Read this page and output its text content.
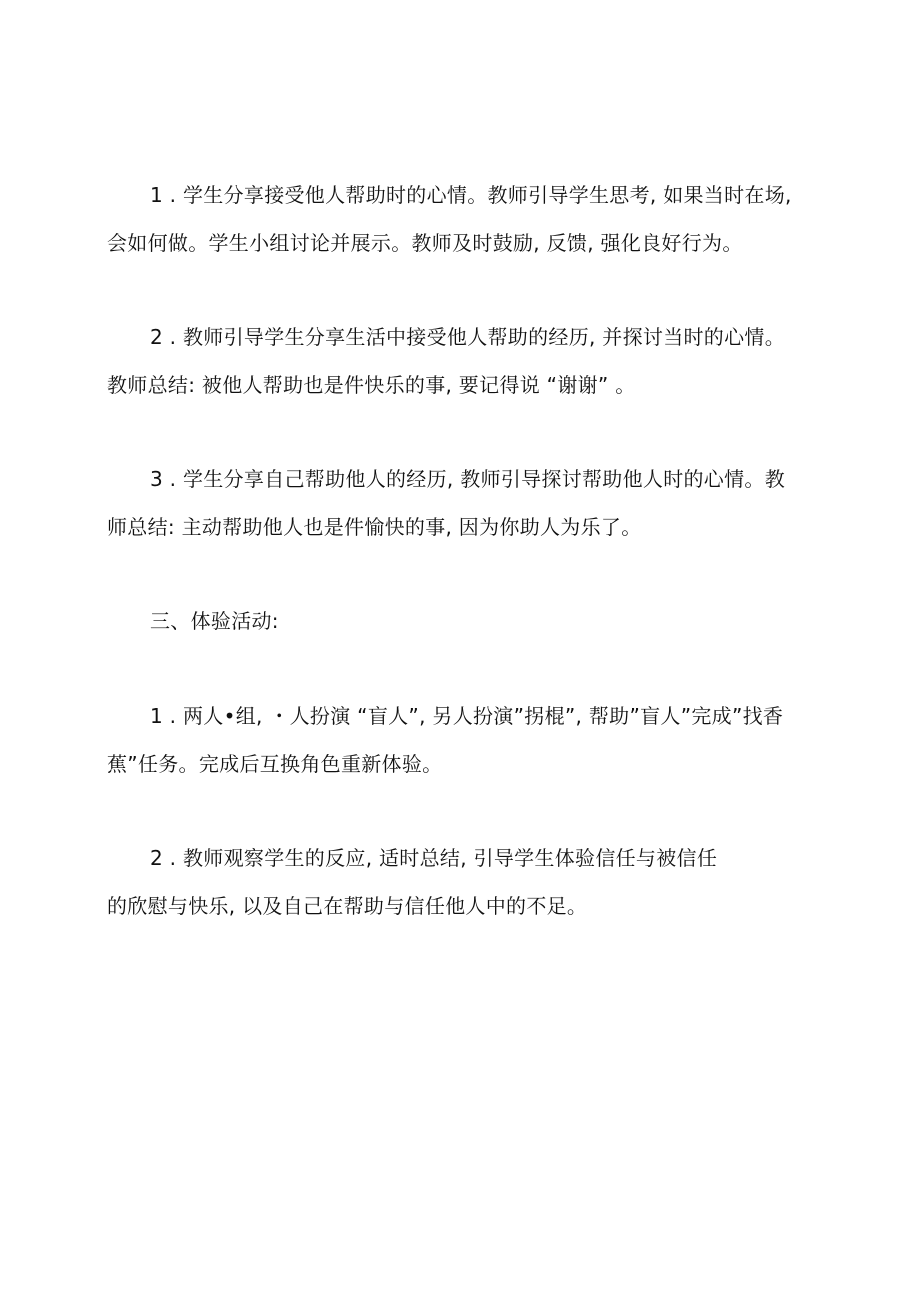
1 . 学生分享接受他人帮助时的心情。教师引导学生思考, 如果当时在场,
会如何做。学生小组讨论并展示。教师及时鼓励, 反馈, 强化良好行为。
2 . 教师引导学生分享生活中接受他人帮助的经历, 并探讨当时的心情。
教师总结: 被他人帮助也是件快乐的事, 要记得说 “谢谢” 。
3 . 学生分享自己帮助他人的经历, 教师引导探讨帮助他人时的心情。教
师总结: 主动帮助他人也是件愉快的事, 因为你助人为乐了。
三、体验活动:
1 . 两人•组, ・人扮演 “盲人”, 另人扮演”拐棍”, 帮助”盲人”完成”找香
蕉”任务。完成后互换角色重新体验。
2 . 教师观察学生的反应, 适时总结, 引导学生体验信任与被信任
的欣慰与快乐, 以及自己在帮助与信任他人中的不足。
